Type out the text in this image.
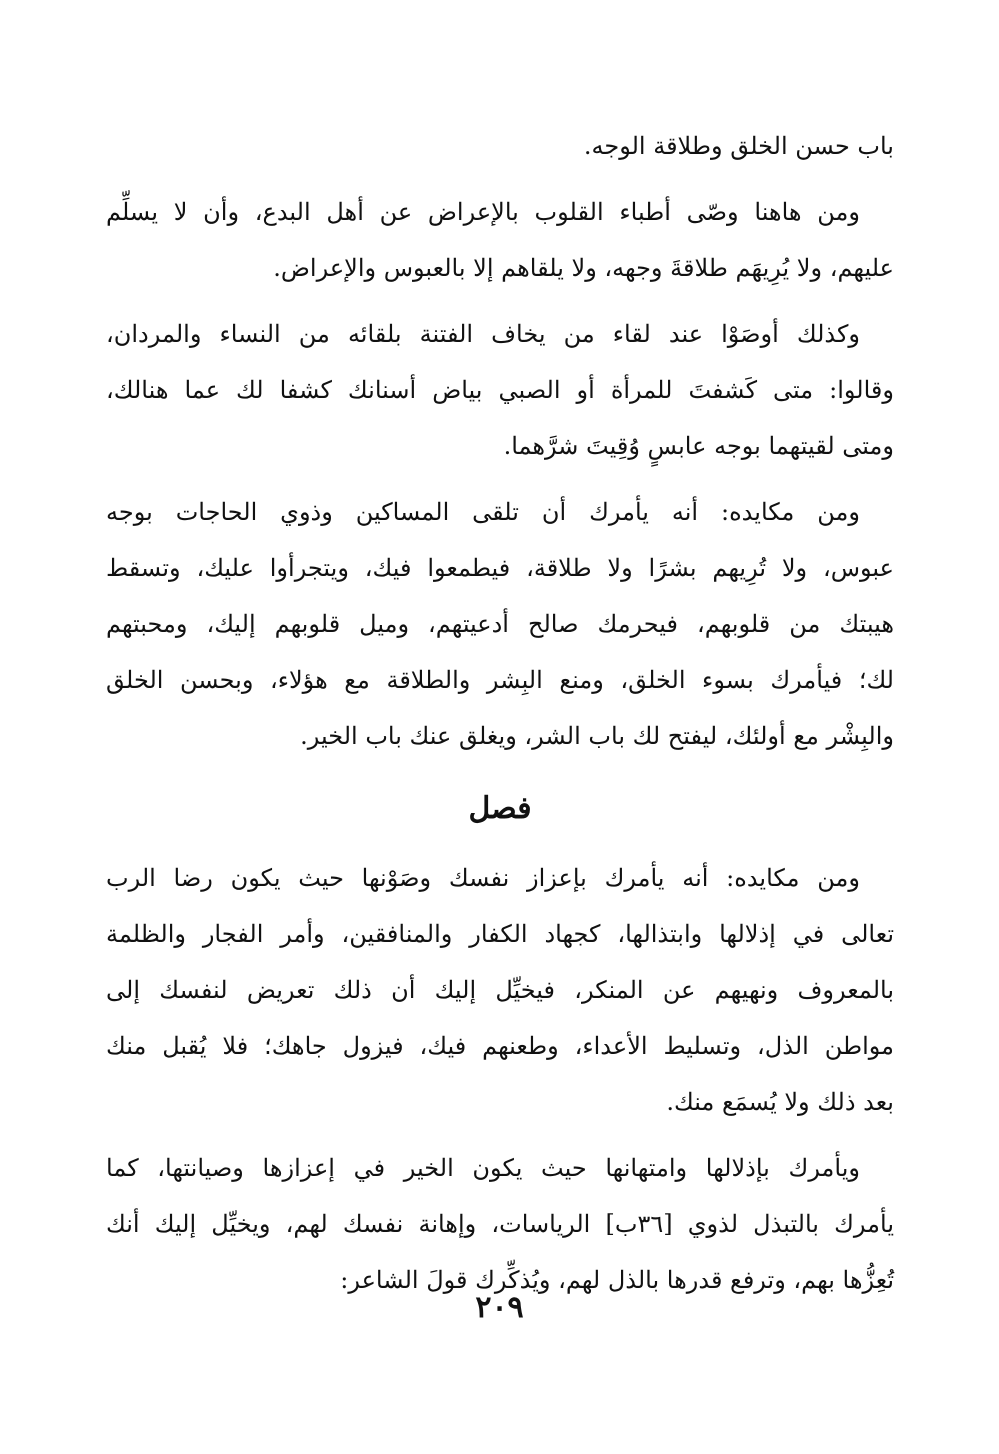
باب حسن الخلق وطلاقة الوجه.
ومن هاهنا وصّى أطباء القلوب بالإعراض عن أهل البدع، وأن لا يسلِّم
عليهم، ولا يُرِيهَم طلاقةَ وجهه، ولا يلقاهم إلا بالعبوس والإعراض.
وكذلك أوصَوْا عند لقاء من يخاف الفتنة بلقائه من النساء والمردان،
وقالوا: متى كَشفتَ للمرأة أو الصبي بياض أسنانك كشفا لك عما هنالك،
ومتى لقيتهما بوجه عابسٍ وُقِيتَ شرَّهما.
ومن مكايده: أنه يأمرك أن تلقى المساكين وذوي الحاجات بوجه
عبوس، ولا تُرِيهم بشرًا ولا طلاقة، فيطمعوا فيك، ويتجرأوا عليك، وتسقط
هيبتك من قلوبهم، فيحرمك صالح أدعيتهم، وميل قلوبهم إليك، ومحبتهم
لك؛ فيأمرك بسوء الخلق، ومنع البِشر والطلاقة مع هؤلاء، وبحسن الخلق
والبِشْر مع أولئك، ليفتح لك باب الشر، ويغلق عنك باب الخير.
فصل
ومن مكايده: أنه يأمرك بإعزاز نفسك وصَوْنها حيث يكون رضا الرب
تعالى في إذلالها وابتذالها، كجهاد الكفار والمنافقين، وأمر الفجار والظلمة
بالمعروف ونهيهم عن المنكر، فيخيِّل إليك أن ذلك تعريض لنفسك إلى
مواطن الذل، وتسليط الأعداء، وطعنهم فيك، فيزول جاهك؛ فلا يُقبل منك
بعد ذلك ولا يُسمَع منك.
ويأمرك بإذلالها وامتهانها حيث يكون الخير في إعزازها وصيانتها، كما
يأمرك بالتبذل لذوي [٣٦ب] الرياسات، وإهانة نفسك لهم، ويخيِّل إليك أنك
تُعِزُّها بهم، وترفع قدرها بالذل لهم، ويُذكِّرك قولَ الشاعر:
٢٠٩
